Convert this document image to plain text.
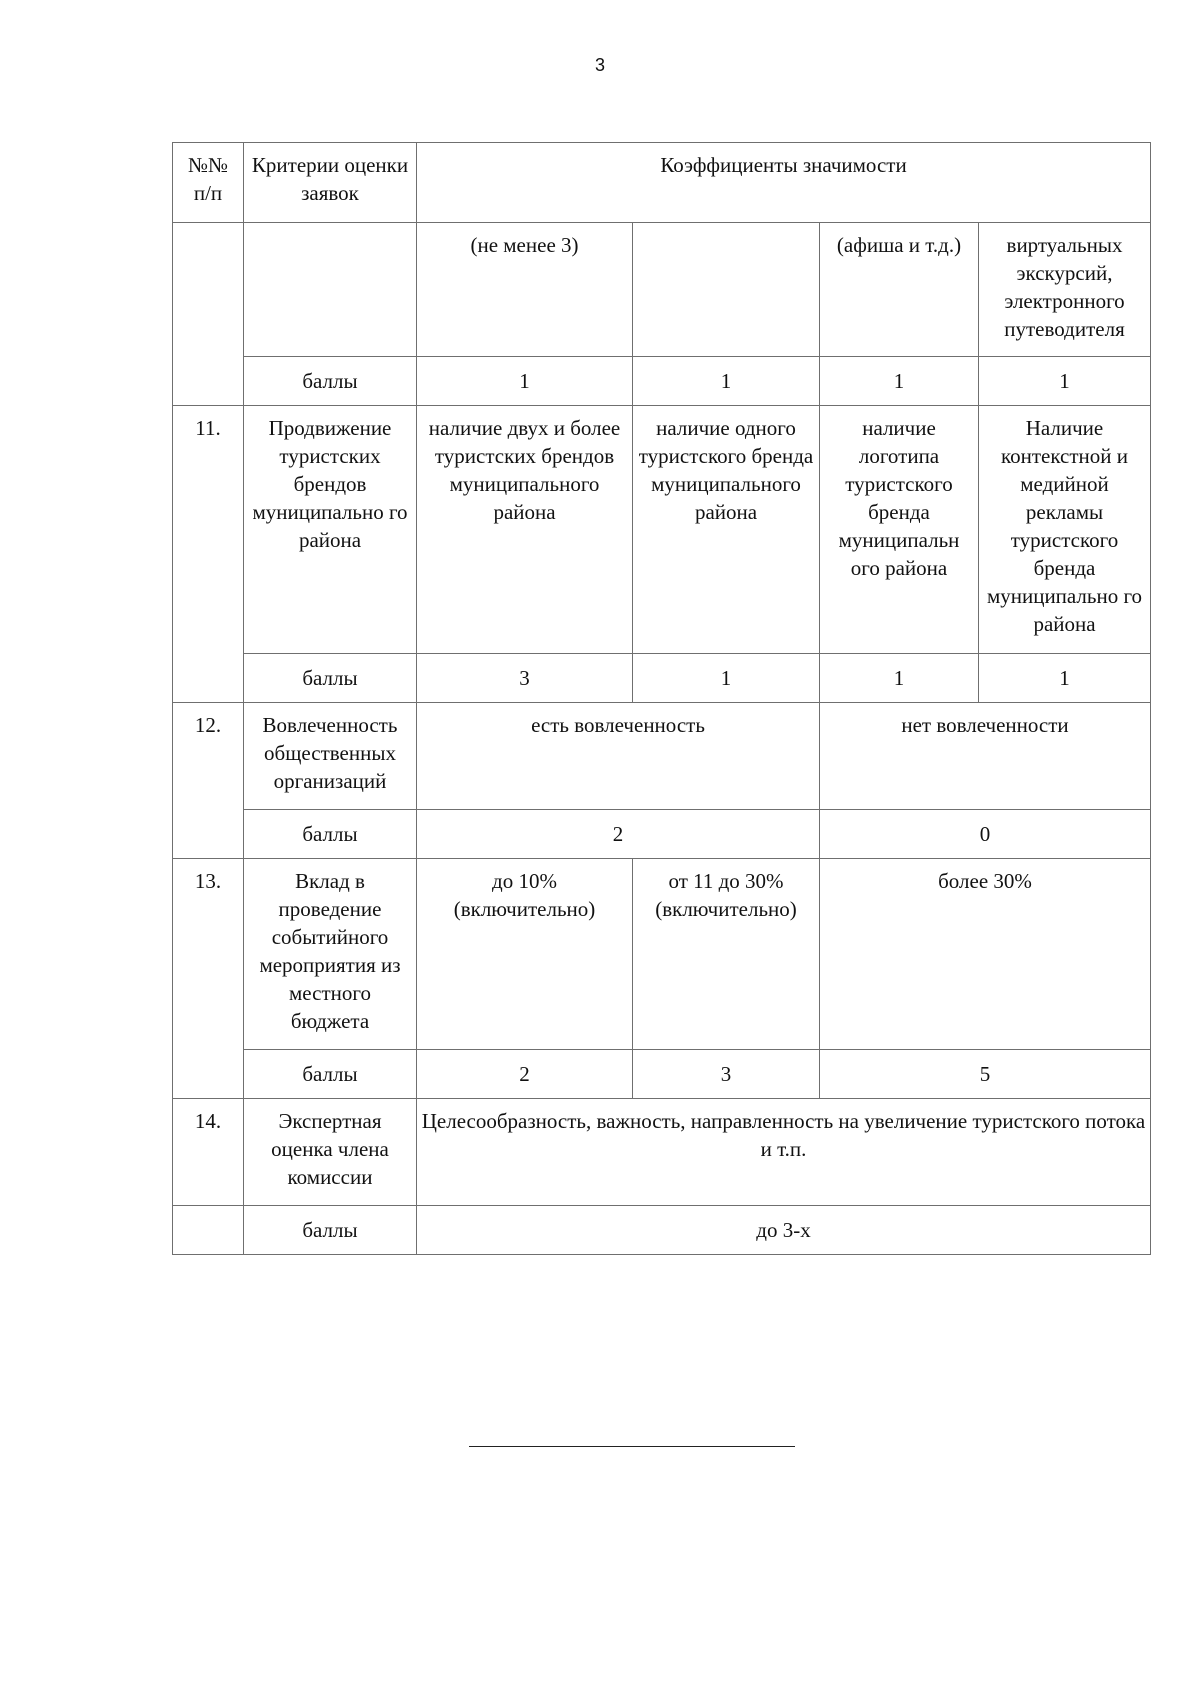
3
№№ п/п	Критерии оценки заявок	Коэффициенты значимости			
		(не менее 3)		(афиша и т.д.)	виртуальных экскурсий, электронного путеводителя
	баллы	1	1	1	1
11.	Продвижение туристских брендов муниципально го района	наличие двух и более туристских брендов муниципального района	наличие одного туристского бренда муниципального района	наличие логотипа туристского бренда муниципальн ого района	Наличие контекстной и медийной рекламы туристского бренда муниципально го района
	баллы	3	1	1	1
12.	Вовлеченность общественных организаций	есть вовлеченность		нет вовлеченности	
	баллы	2		0	
13.	Вклад в проведение событийного мероприятия из местного бюджета	до 10% (включительно)	от 11 до 30% (включительно)	более 30%	
	баллы	2	3	5	
14.	Экспертная оценка члена комиссии	Целесообразность, важность, направленность на увеличение туристского потока и т.п.			
	баллы	до 3-х			
